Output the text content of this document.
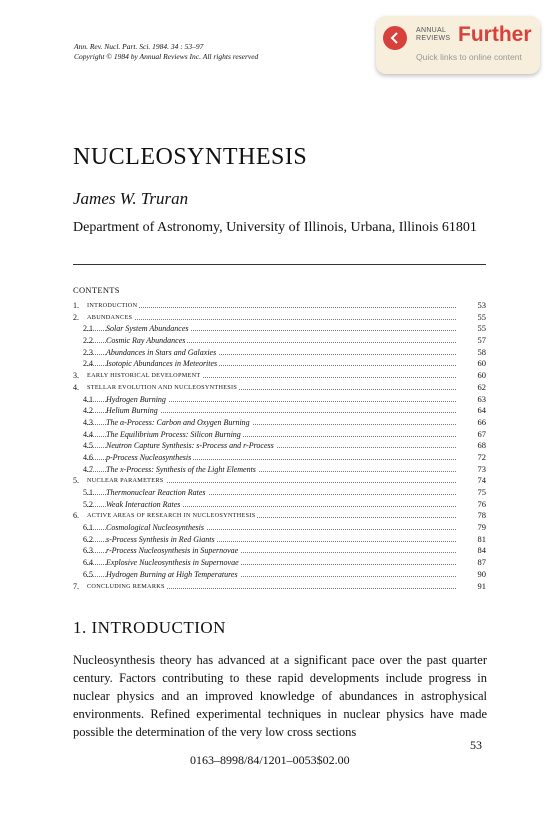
Ann. Rev. Nucl. Part. Sci. 1984. 34 : 53–97
Copyright © 1984 by Annual Reviews Inc. All rights reserved
ANNUAL
REVIEWS Further
Quick links to online content
NUCLEOSYNTHESIS
James W. Truran
Department of Astronomy, University of Illinois, Urbana, Illinois 61801
CONTENTS
1. INTRODUCTION	53
2. ABUNDANCES	55
2.1 Solar System Abundances	55
2.2 Cosmic Ray Abundances	57
2.3 Abundances in Stars and Galaxies	58
2.4 Isotopic Abundances in Meteorites	60
3. EARLY HISTORICAL DEVELOPMENT	60
4. STELLAR EVOLUTION AND NUCLEOSYNTHESIS	62
4.1 Hydrogen Burning	63
4.2 Helium Burning	64
4.3 The α-Process: Carbon and Oxygen Burning	66
4.4 The Equilibrium Process: Silicon Burning	67
4.5 Neutron Capture Synthesis: s-Process and r-Process	68
4.6 p-Process Nucleosynthesis	72
4.7 The x-Process: Synthesis of the Light Elements	73
5. NUCLEAR PARAMETERS	74
5.1 Thermonuclear Reaction Rates	75
5.2 Weak Interaction Rates	76
6. ACTIVE AREAS OF RESEARCH IN NUCLEOSYNTHESIS	78
6.1 Cosmological Nucleosynthesis	79
6.2 s-Process Synthesis in Red Giants	81
6.3 r-Process Nucleosynthesis in Supernovae	84
6.4 Explosive Nucleosynthesis in Supernovae	87
6.5 Hydrogen Burning at High Temperatures	90
7. CONCLUDING REMARKS	91
1. INTRODUCTION
Nucleosynthesis theory has advanced at a significant pace over the past quarter century. Factors contributing to these rapid developments include progress in nuclear physics and an improved knowledge of abundances in astrophysical environments. Refined experimental techniques in nuclear physics have made possible the determination of the very low cross sections
53
0163–8998/84/1201–0053$02.00
